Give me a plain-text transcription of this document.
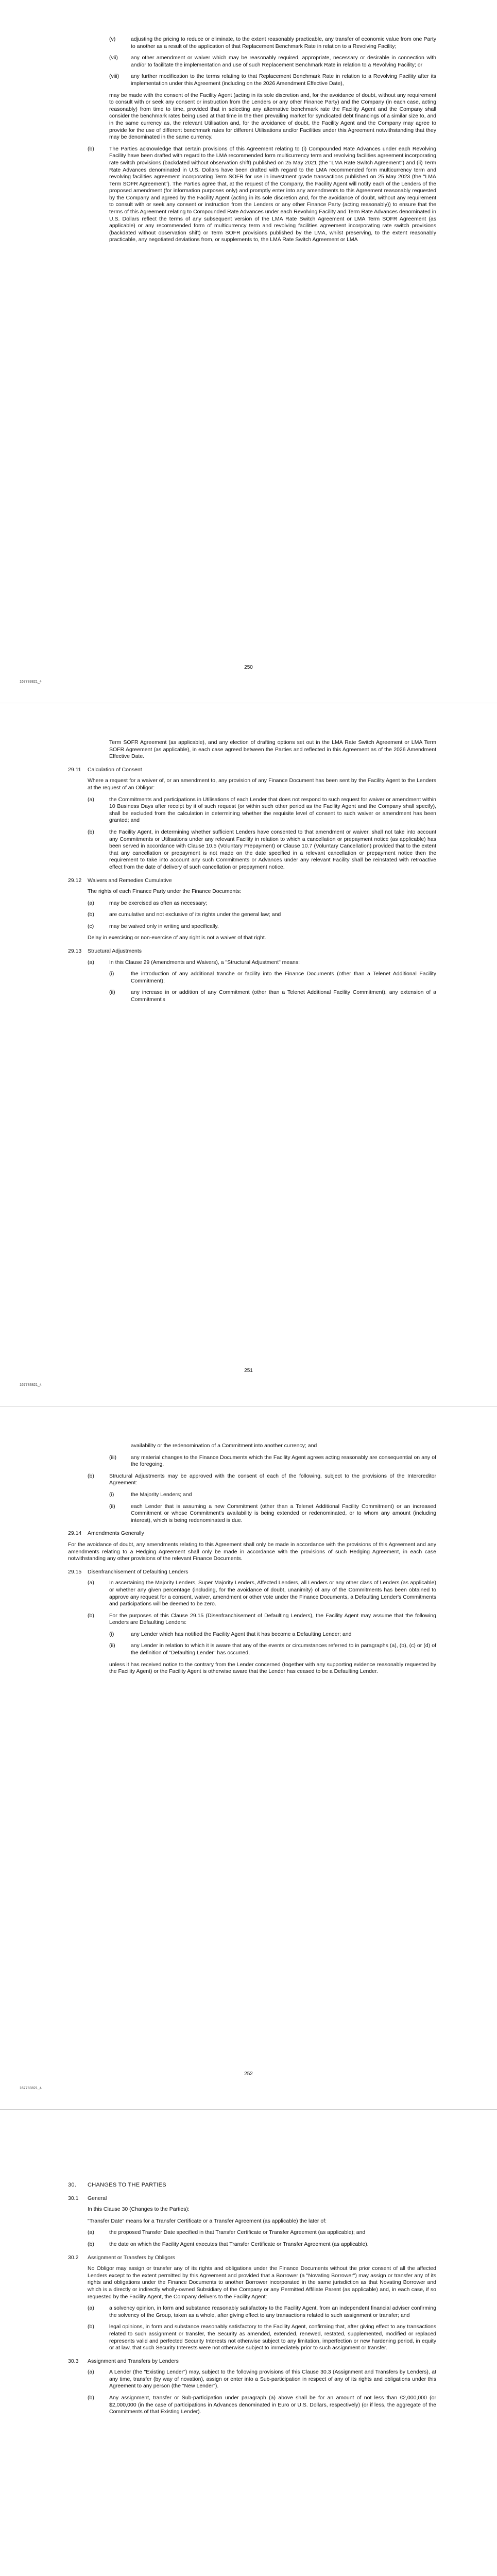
(v)	adjusting the pricing to reduce or eliminate, to the extent reasonably practicable, any transfer of economic value from one Party to another as a result of the application of that Replacement Benchmark Rate in relation to a Revolving Facility;
(vii)	any other amendment or waiver which may be reasonably required, appropriate, necessary or desirable in connection with and/or to facilitate the implementation and use of such Replacement Benchmark Rate in relation to a Revolving Facility; or
(viii)	any further modification to the terms relating to that Replacement Benchmark Rate in relation to a Revolving Facility after its implementation under this Agreement (including on the 2026 Amendment Effective Date),

may be made with the consent of the Facility Agent (acting in its sole discretion and, for the avoidance of doubt, without any requirement to consult with or seek any consent or instruction from the Lenders or any other Finance Party) and the Company (in each case, acting reasonably) from time to time, provided that in selecting any alternative benchmark rate the Facility Agent and the Company shall consider the benchmark rates being used at that time in the then prevailing market for syndicated debt financings of a similar size to, and in the same currency as, the relevant Utilisation and, for the avoidance of doubt, the Facility Agent and the Company may agree to provide for the use of different benchmark rates for different Utilisations and/or Facilities under this Agreement notwithstanding that they may be denominated in the same currency.

(b)	The Parties acknowledge that certain provisions of this Agreement relating to (i) Compounded Rate Advances under each Revolving Facility have been drafted with regard to the LMA recommended form multicurrency term and revolving facilities agreement incorporating rate switch provisions (backdated without observation shift) published on 25 May 2021 (the "LMA Rate Switch Agreement") and (ii) Term Rate Advances denominated in U.S. Dollars have been drafted with regard to the LMA recommended form multicurrency term and revolving facilities agreement incorporating Term SOFR for use in investment grade transactions published on 25 May 2023 (the "LMA Term SOFR Agreement"). The Parties agree that, at the request of the Company, the Facility Agent will notify each of the Lenders of the proposed amendment (for information purposes only) and promptly enter into any amendments to this Agreement reasonably requested by the Company and agreed by the Facility Agent (acting in its sole discretion and, for the avoidance of doubt, without any requirement to consult with or seek any consent or instruction from the Lenders or any other Finance Party (acting reasonably)) to ensure that the terms of this Agreement relating to Compounded Rate Advances under each Revolving Facility and Term Rate Advances denominated in U.S. Dollars reflect the terms of any subsequent version of the LMA Rate Switch Agreement or LMA Term SOFR Agreement (as applicable) or any recommended form of multicurrency term and revolving facilities agreement incorporating rate switch provisions (backdated without observation shift) or Term SOFR provisions published by the LMA, whilst preserving, to the extent reasonably practicable, any negotiated deviations from, or supplements to, the LMA Rate Switch Agreement or LMA
250
167783821_4

Term SOFR Agreement (as applicable), and any election of drafting options set out in the LMA Rate Switch Agreement or LMA Term SOFR Agreement (as applicable), in each case agreed between the Parties and reflected in this Agreement as of the 2026 Amendment Effective Date.

29.11	Calculation of Consent

Where a request for a waiver of, or an amendment to, any provision of any Finance Document has been sent by the Facility Agent to the Lenders at the request of an Obligor:

(a)	the Commitments and participations in Utilisations of each Lender that does not respond to such request for waiver or amendment within 10 Business Days after receipt by it of such request (or within such other period as the Facility Agent and the Company shall specify), shall be excluded from the calculation in determining whether the requisite level of consent to such waiver or amendment has been granted; and
(b)	the Facility Agent, in determining whether sufficient Lenders have consented to that amendment or waiver, shall not take into account any Commitments or Utilisations under any relevant Facility in relation to which a cancellation or prepayment notice (as applicable) has been served in accordance with Clause 10.5 (Voluntary Prepayment) or Clause 10.7 (Voluntary Cancellation) provided that to the extent that any cancellation or prepayment is not made on the date specified in a relevant cancellation or prepayment notice then the requirement to take into account any such Commitments or Advances under any relevant Facility shall be reinstated with retroactive effect from the date of delivery of such cancellation or prepayment notice.
29.12	Waivers and Remedies Cumulative

The rights of each Finance Party under the Finance Documents:

(a)	may be exercised as often as necessary;
(b)	are cumulative and not exclusive of its rights under the general law; and
(c)	may be waived only in writing and specifically.

Delay in exercising or non-exercise of any right is not a waiver of that right.

29.13	Structural Adjustments
(a)	In this Clause 29 (Amendments and Waivers), a "Structural Adjustment" means:
(i)	the introduction of any additional tranche or facility into the Finance Documents (other than a Telenet Additional Facility Commitment);
(ii)	any increase in or addition of any Commitment (other than a Telenet Additional Facility Commitment), any extension of a Commitment's
251
167783821_4

availability or the redenomination of a Commitment into another currency; and

(iii)	any material changes to the Finance Documents which the Facility Agent agrees acting reasonably are consequential on any of the foregoing.
(b)	Structural Adjustments may be approved with the consent of each of the following, subject to the provisions of the Intercreditor Agreement:
(i)	the Majority Lenders; and
(ii)	each Lender that is assuming a new Commitment (other than a Telenet Additional Facility Commitment) or an increased Commitment or whose Commitment's availability is being extended or redenominated, or to whom any amount (including interest), which is being redenominated is due.
29.14	Amendments Generally

For the avoidance of doubt, any amendments relating to this Agreement shall only be made in accordance with the provisions of this Agreement and any amendments relating to a Hedging Agreement shall only be made in accordance with the provisions of such Hedging Agreement, in each case notwithstanding any other provisions of the relevant Finance Documents.

29.15	Disenfranchisement of Defaulting Lenders
(a)	In ascertaining the Majority Lenders, Super Majority Lenders, Affected Lenders, all Lenders or any other class of Lenders (as applicable) or whether any given percentage (including, for the avoidance of doubt, unanimity) of any of the Commitments has been obtained to approve any request for a consent, waiver, amendment or other vote under the Finance Documents, a Defaulting Lender's Commitments and participations will be deemed to be zero.
(b)	For the purposes of this Clause 29.15 (Disenfranchisement of Defaulting Lenders), the Facility Agent may assume that the following Lenders are Defaulting Lenders:
(i)	any Lender which has notified the Facility Agent that it has become a Defaulting Lender; and
(ii)	any Lender in relation to which it is aware that any of the events or circumstances referred to in paragraphs (a), (b), (c) or (d) of the definition of "Defaulting Lender" has occurred,

unless it has received notice to the contrary from the Lender concerned (together with any supporting evidence reasonably requested by the Facility Agent) or the Facility Agent is otherwise aware that the Lender has ceased to be a Defaulting Lender.

252
167783821_4
30.	CHANGES TO THE PARTIES
30.1	General

In this Clause 30 (Changes to the Parties):

"Transfer Date" means for a Transfer Certificate or a Transfer Agreement (as applicable) the later of:

(a)	the proposed Transfer Date specified in that Transfer Certificate or Transfer Agreement (as applicable); and
(b)	the date on which the Facility Agent executes that Transfer Certificate or Transfer Agreement (as applicable).
30.2	Assignment or Transfers by Obligors

No Obligor may assign or transfer any of its rights and obligations under the Finance Documents without the prior consent of all the affected Lenders except to the extent permitted by this Agreement and provided that a Borrower (a "Novating Borrower") may assign or transfer any of its rights and obligations under the Finance Documents to another Borrower incorporated in the same jurisdiction as that Novating Borrower and which is a directly or indirectly wholly-owned Subsidiary of the Company or any Permitted Affiliate Parent (as applicable) and, in each case, if so requested by the Facility Agent, the Company delivers to the Facility Agent:

(a)	a solvency opinion, in form and substance reasonably satisfactory to the Facility Agent, from an independent financial adviser confirming the solvency of the Group, taken as a whole, after giving effect to any transactions related to such assignment or transfer; and
(b)	legal opinions, in form and substance reasonably satisfactory to the Facility Agent, confirming that, after giving effect to any transactions related to such assignment or transfer, the Security as amended, extended, renewed, restated, supplemented, modified or replaced represents valid and perfected Security Interests not otherwise subject to any limitation, imperfection or new hardening period, in equity or at law, that such Security Interests were not otherwise subject to immediately prior to such assignment or transfer.
30.3	Assignment and Transfers by Lenders
(a)	A Lender (the "Existing Lender") may, subject to the following provisions of this Clause 30.3 (Assignment and Transfers by Lenders), at any time, transfer (by way of novation), assign or enter into a Sub-participation in respect of any of its rights and obligations under this Agreement to any person (the "New Lender").
(b)	Any assignment, transfer or Sub-participation under paragraph (a) above shall be for an amount of not less than €2,000,000 (or $2,000,000 (in the case of participations in Advances denominated in Euro or U.S. Dollars, respectively) (or if less, the aggregate of the Commitments of that Existing Lender).
